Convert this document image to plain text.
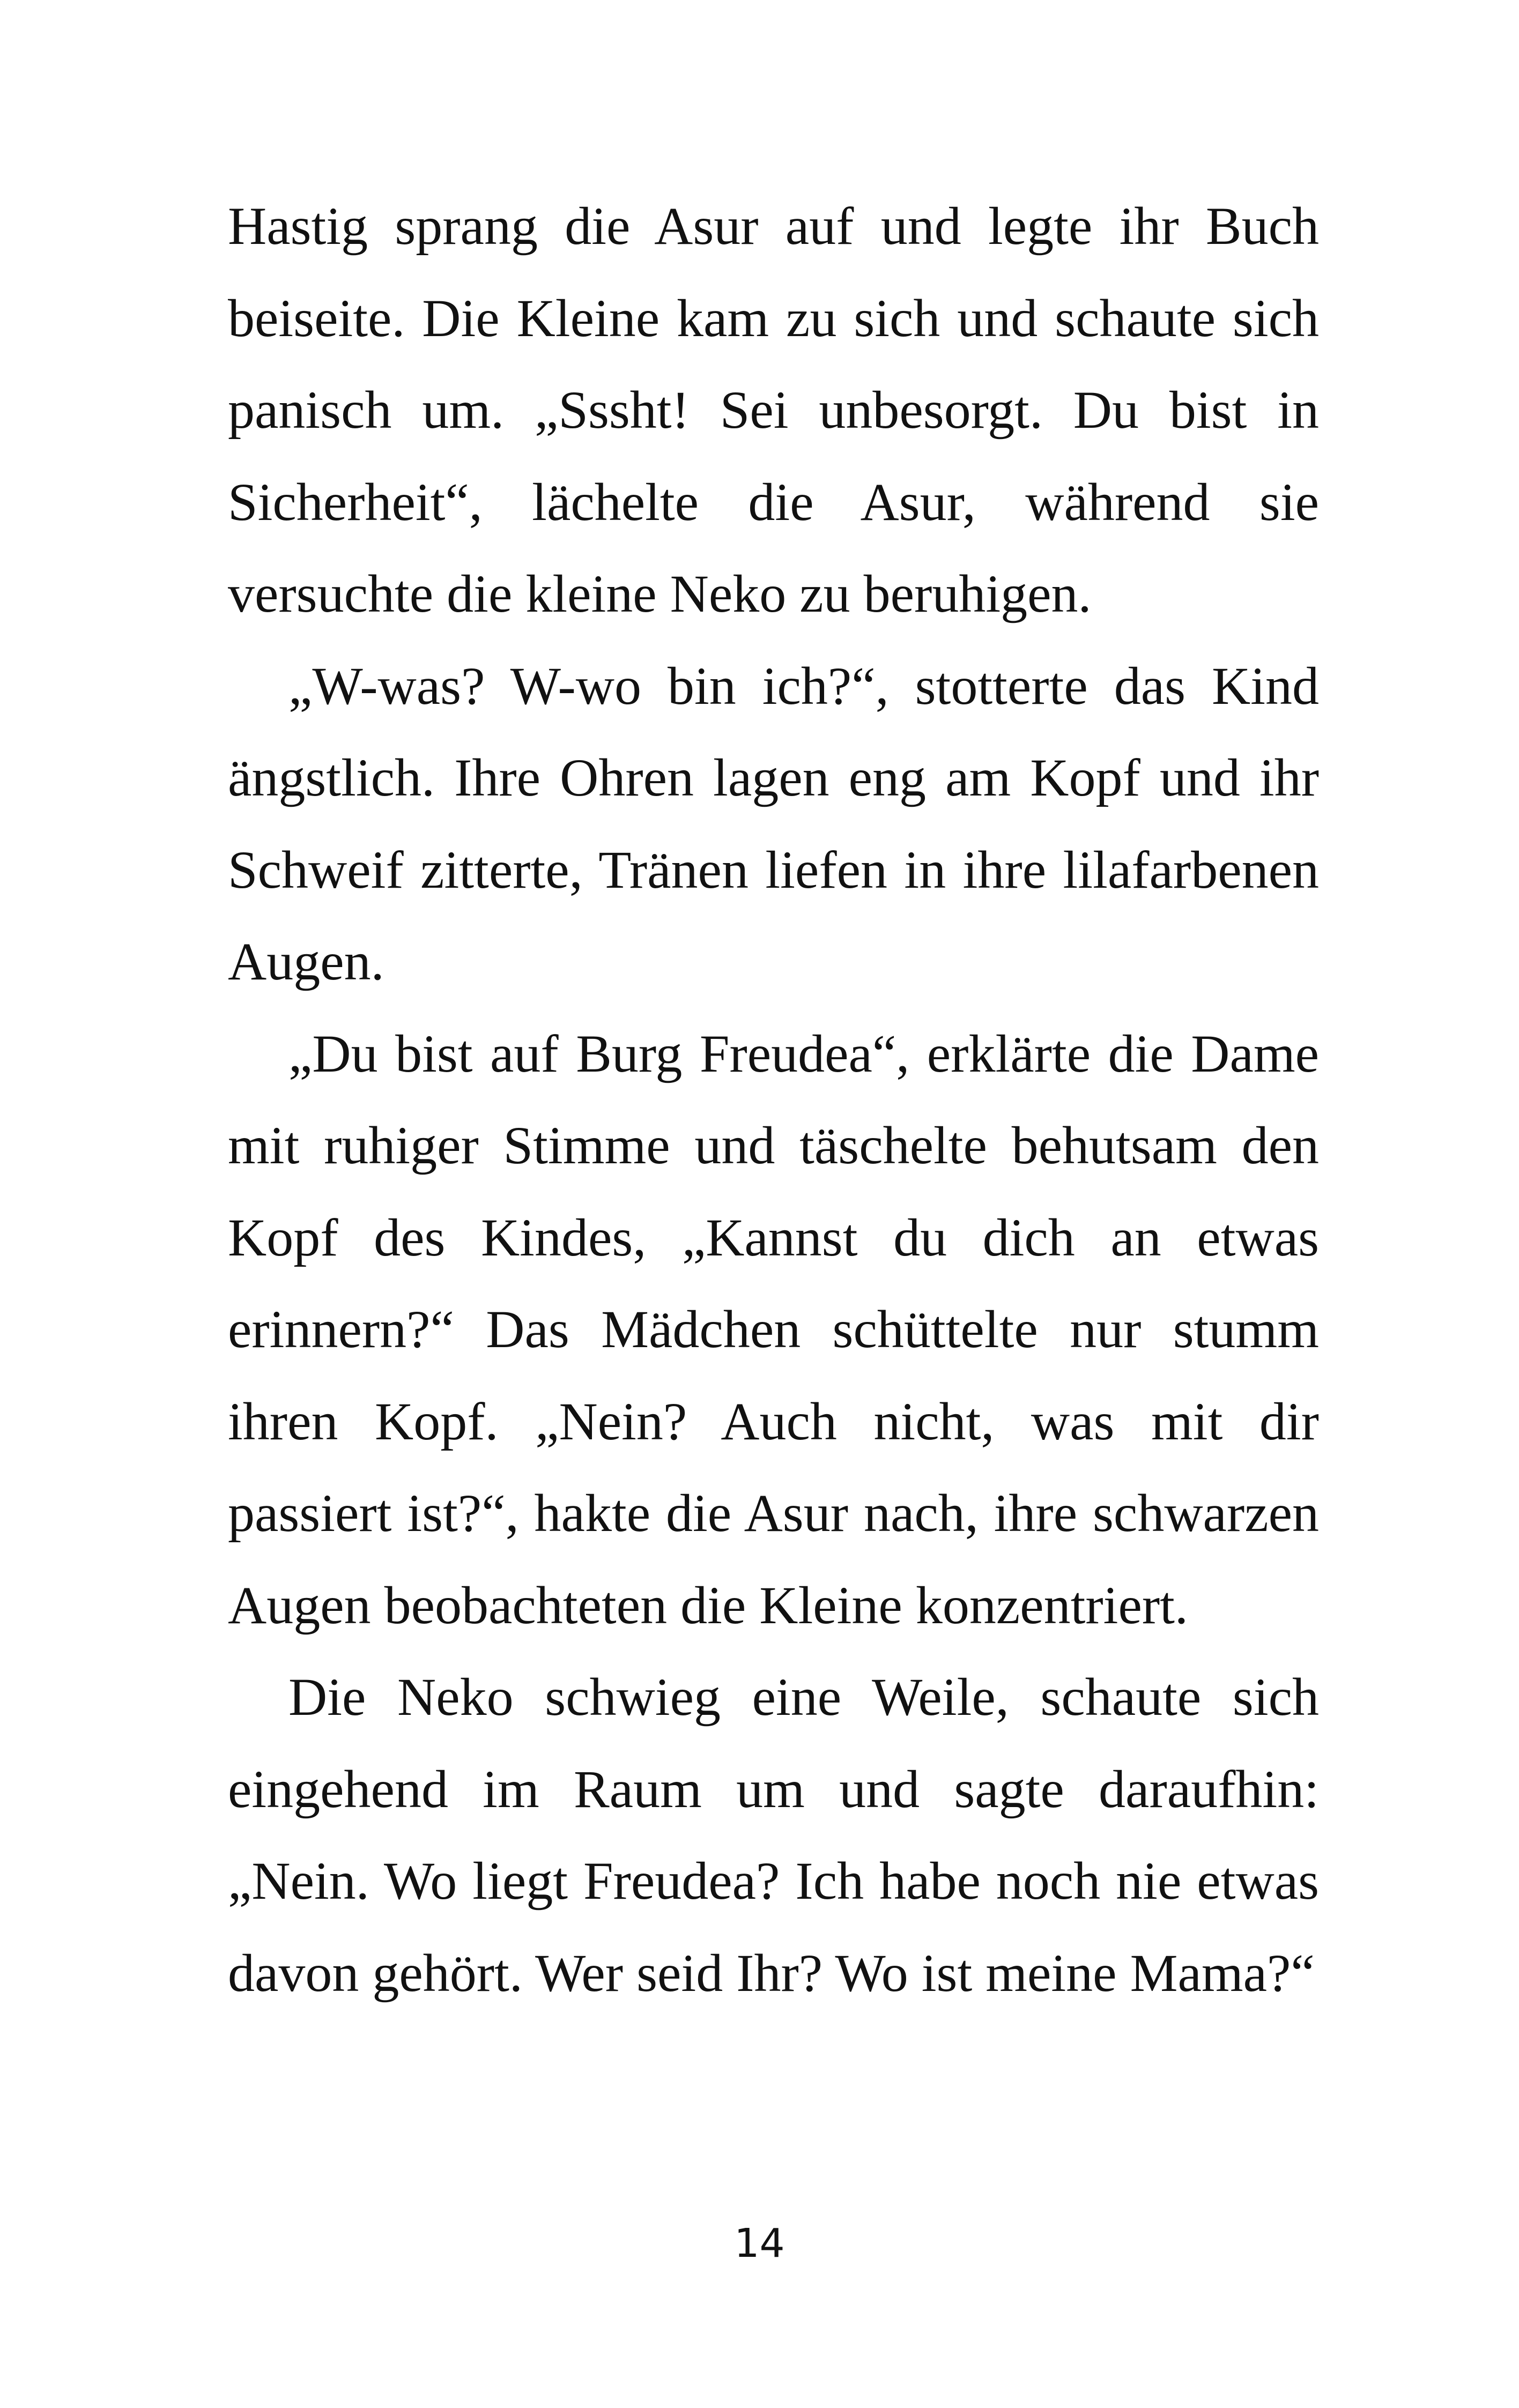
Hastig sprang die Asur auf und legte ihr Buch
beiseite. Die Kleine kam zu sich und schaute sich
panisch um. „Sssht! Sei unbesorgt. Du bist in
Sicherheit“, lächelte die Asur, während sie
versuchte die kleine Neko zu beruhigen.
„W-was? W-wo bin ich?“, stotterte das Kind
ängstlich. Ihre Ohren lagen eng am Kopf und ihr
Schweif zitterte, Tränen liefen in ihre lilafarbenen
Augen.
„Du bist auf Burg Freudea“, erklärte die Dame
mit ruhiger Stimme und täschelte behutsam den
Kopf des Kindes, „Kannst du dich an etwas
erinnern?“ Das Mädchen schüttelte nur stumm
ihren Kopf. „Nein? Auch nicht, was mit dir
passiert ist?“, hakte die Asur nach, ihre schwarzen
Augen beobachteten die Kleine konzentriert.
Die Neko schwieg eine Weile, schaute sich
eingehend im Raum um und sagte daraufhin:
„Nein. Wo liegt Freudea? Ich habe noch nie etwas
davon gehört. Wer seid Ihr? Wo ist meine Mama?“
14
